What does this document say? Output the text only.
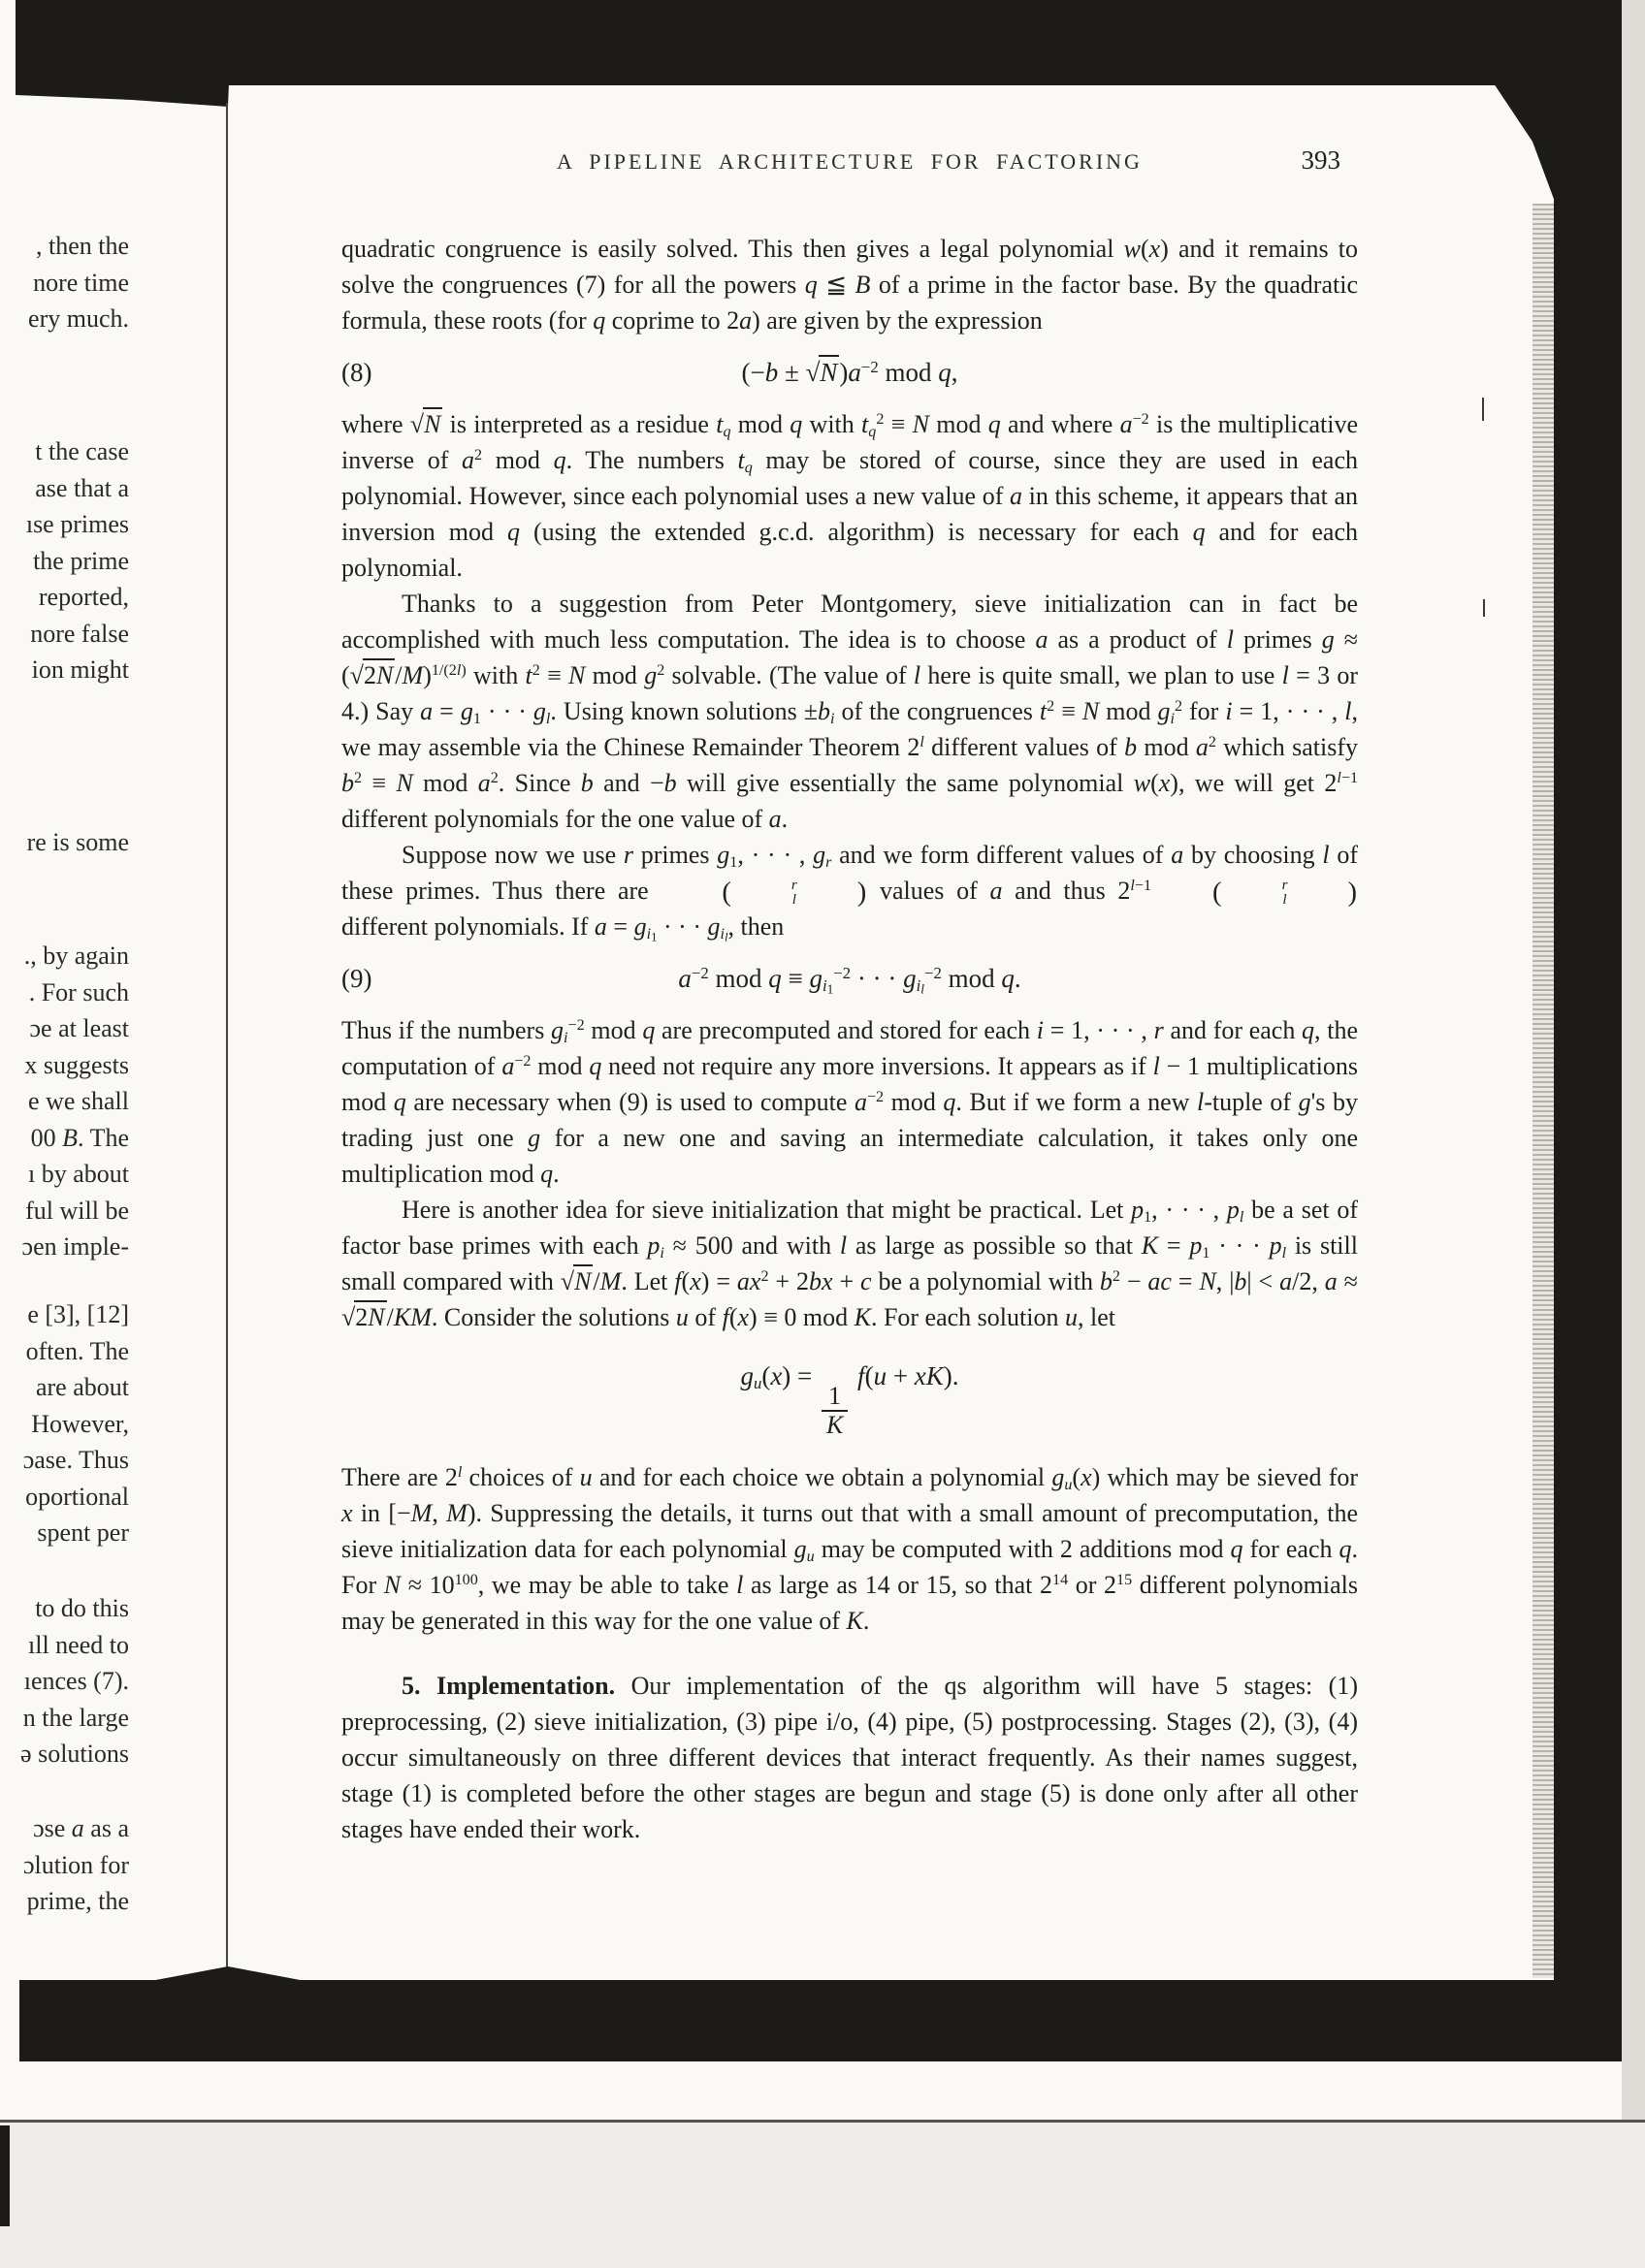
, then the
nore time
ery much.
t the case
ase that a
ıse primes
the prime
reported,
nore false
ion might
re is some
., by again
. For such
ɔe at least
x suggests
e we shall
00 B. The
ı by about
ful will be
ɔen imple-
e [3], [12]
often. The
are about
However,
ɔase. Thus
oportional
spent per
to do this
ıll need to
ıences (7).
n the large
ə solutions
ɔse a as a
ɔlution for
prime, the
A PIPELINE ARCHITECTURE FOR FACTORING	393
quadratic congruence is easily solved. This then gives a legal polynomial w(x) and it remains to solve the congruences (7) for all the powers q ≦ B of a prime in the factor base. By the quadratic formula, these roots (for q coprime to 2a) are given by the expression
(8)	$(-b \pm √N)a^{-2}$ mod q,
where √N is interpreted as a residue $t_q$ mod q with $t_q^2 \equiv N$ mod q and where $a^{-2}$ is the multiplicative inverse of $a^2$ mod q. The numbers $t_q$ may be stored of course, since they are used in each polynomial. However, since each polynomial uses a new value of a in this scheme, it appears that an inversion mod q (using the extended g.c.d. algorithm) is necessary for each q and for each polynomial.
Thanks to a suggestion from Peter Montgomery, sieve initialization can in fact be accomplished with much less computation. The idea is to choose a as a product of l primes $g \approx (√2N/M)^{1/(2l)}$ with $t^2 \equiv N$ mod $g^2$ solvable. (The value of l here is quite small, we plan to use l = 3 or 4.) Say $a = g_1$ · · · $g_l$. Using known solutions $\pm b_i$ of the congruences $t^2 \equiv N$ mod $g_i^2$ for i = 1, · · · , l, we may assemble via the Chinese Remainder Theorem 2$^l$ different values of b mod $a^2$ which satisfy $b^2 \equiv N$ mod $a^2$. Since b and −b will give essentially the same polynomial w(x), we will get $2^{l-1}$ different polynomials for the one value of a.
Suppose now we use r primes $g_1$, · · · , $g_r$ and we form different values of a by choosing l of these primes. Thus there are	(	r
l	) values of a and thus $2^{l-1}$	(	r
l	)
different polynomials. If $a = g_{i_1}$ · · · $g_{i_l}$, then
(9)	$a^{-2}$ mod $q \equiv g_{i_1}^{-2}$ · · · $g_{i_l}^{-2}$ mod q.
Thus if the numbers $g_i^{-2}$ mod q are precomputed and stored for each i = 1, · · · , r and for each q, the computation of $a^{-2}$ mod q need not require any more inversions. It appears as if l − 1 multiplications mod q are necessary when (9) is used to compute $a^{-2}$ mod q. But if we form a new l-tuple of g's by trading just one g for a new one and saving an intermediate calculation, it takes only one multiplication mod q.
Here is another idea for sieve initialization that might be practical. Let $p_1$, · · · , $p_l$ be a set of factor base primes with each $p_i \approx 500$ and with l as large as possible so that $K = p_1$ · · · $p_l$ is still small compared with √N/M. Let $f(x) = ax^2 + 2bx + c$ be a polynomial with $b^2$ − ac = N, |b| < a/2, a ≈ √2N/KM. Consider the solutions u of f(x) ≡ 0 mod K. For each solution u, let
$g_u(x)$ =
$\frac{1}{K}$
f(u + xK).
There are 2$^l$ choices of u and for each choice we obtain a polynomial $g_u(x)$ which may be sieved for x in [−M, M). Suppressing the details, it turns out that with a small amount of precomputation, the sieve initialization data for each polynomial $g_u$ may be computed with 2 additions mod q for each q. For $N \approx 10^{100}$, we may be able to take l as large as 14 or 15, so that $2^{14}$ or $2^{15}$ different polynomials may be generated in this way for the one value of K.
5. Implementation. Our implementation of the qs algorithm will have 5 stages: (1) preprocessing, (2) sieve initialization, (3) pipe i/o, (4) pipe, (5) postprocessing. Stages (2), (3), (4) occur simultaneously on three different devices that interact frequently. As their names suggest, stage (1) is completed before the other stages are begun and stage (5) is done only after all other stages have ended their work.
